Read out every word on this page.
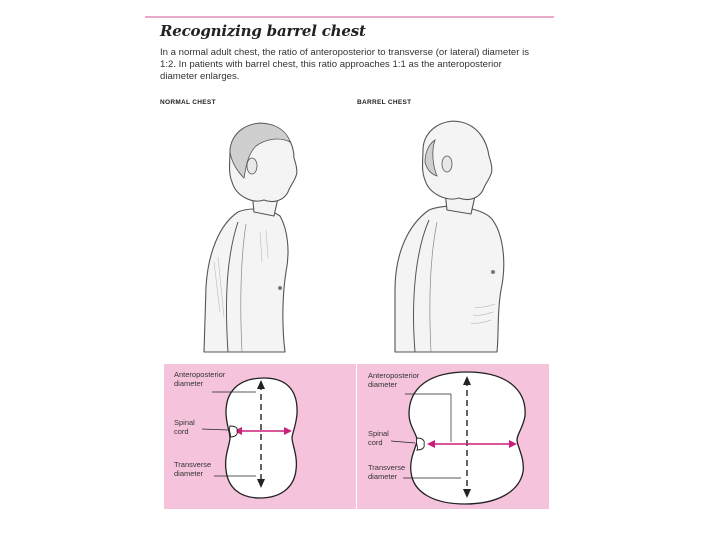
Recognizing barrel chest
In a normal adult chest, the ratio of anteroposterior to transverse (or lateral) diameter is 1:2. In patients with barrel chest, this ratio approaches 1:1 as the anteroposterior diameter enlarges.
NORMAL CHEST	BARREL CHEST
Anteroposterior diameter
Spinal cord
Transverse diameter
Anteroposterior diameter
Spinal cord
Transverse diameter
